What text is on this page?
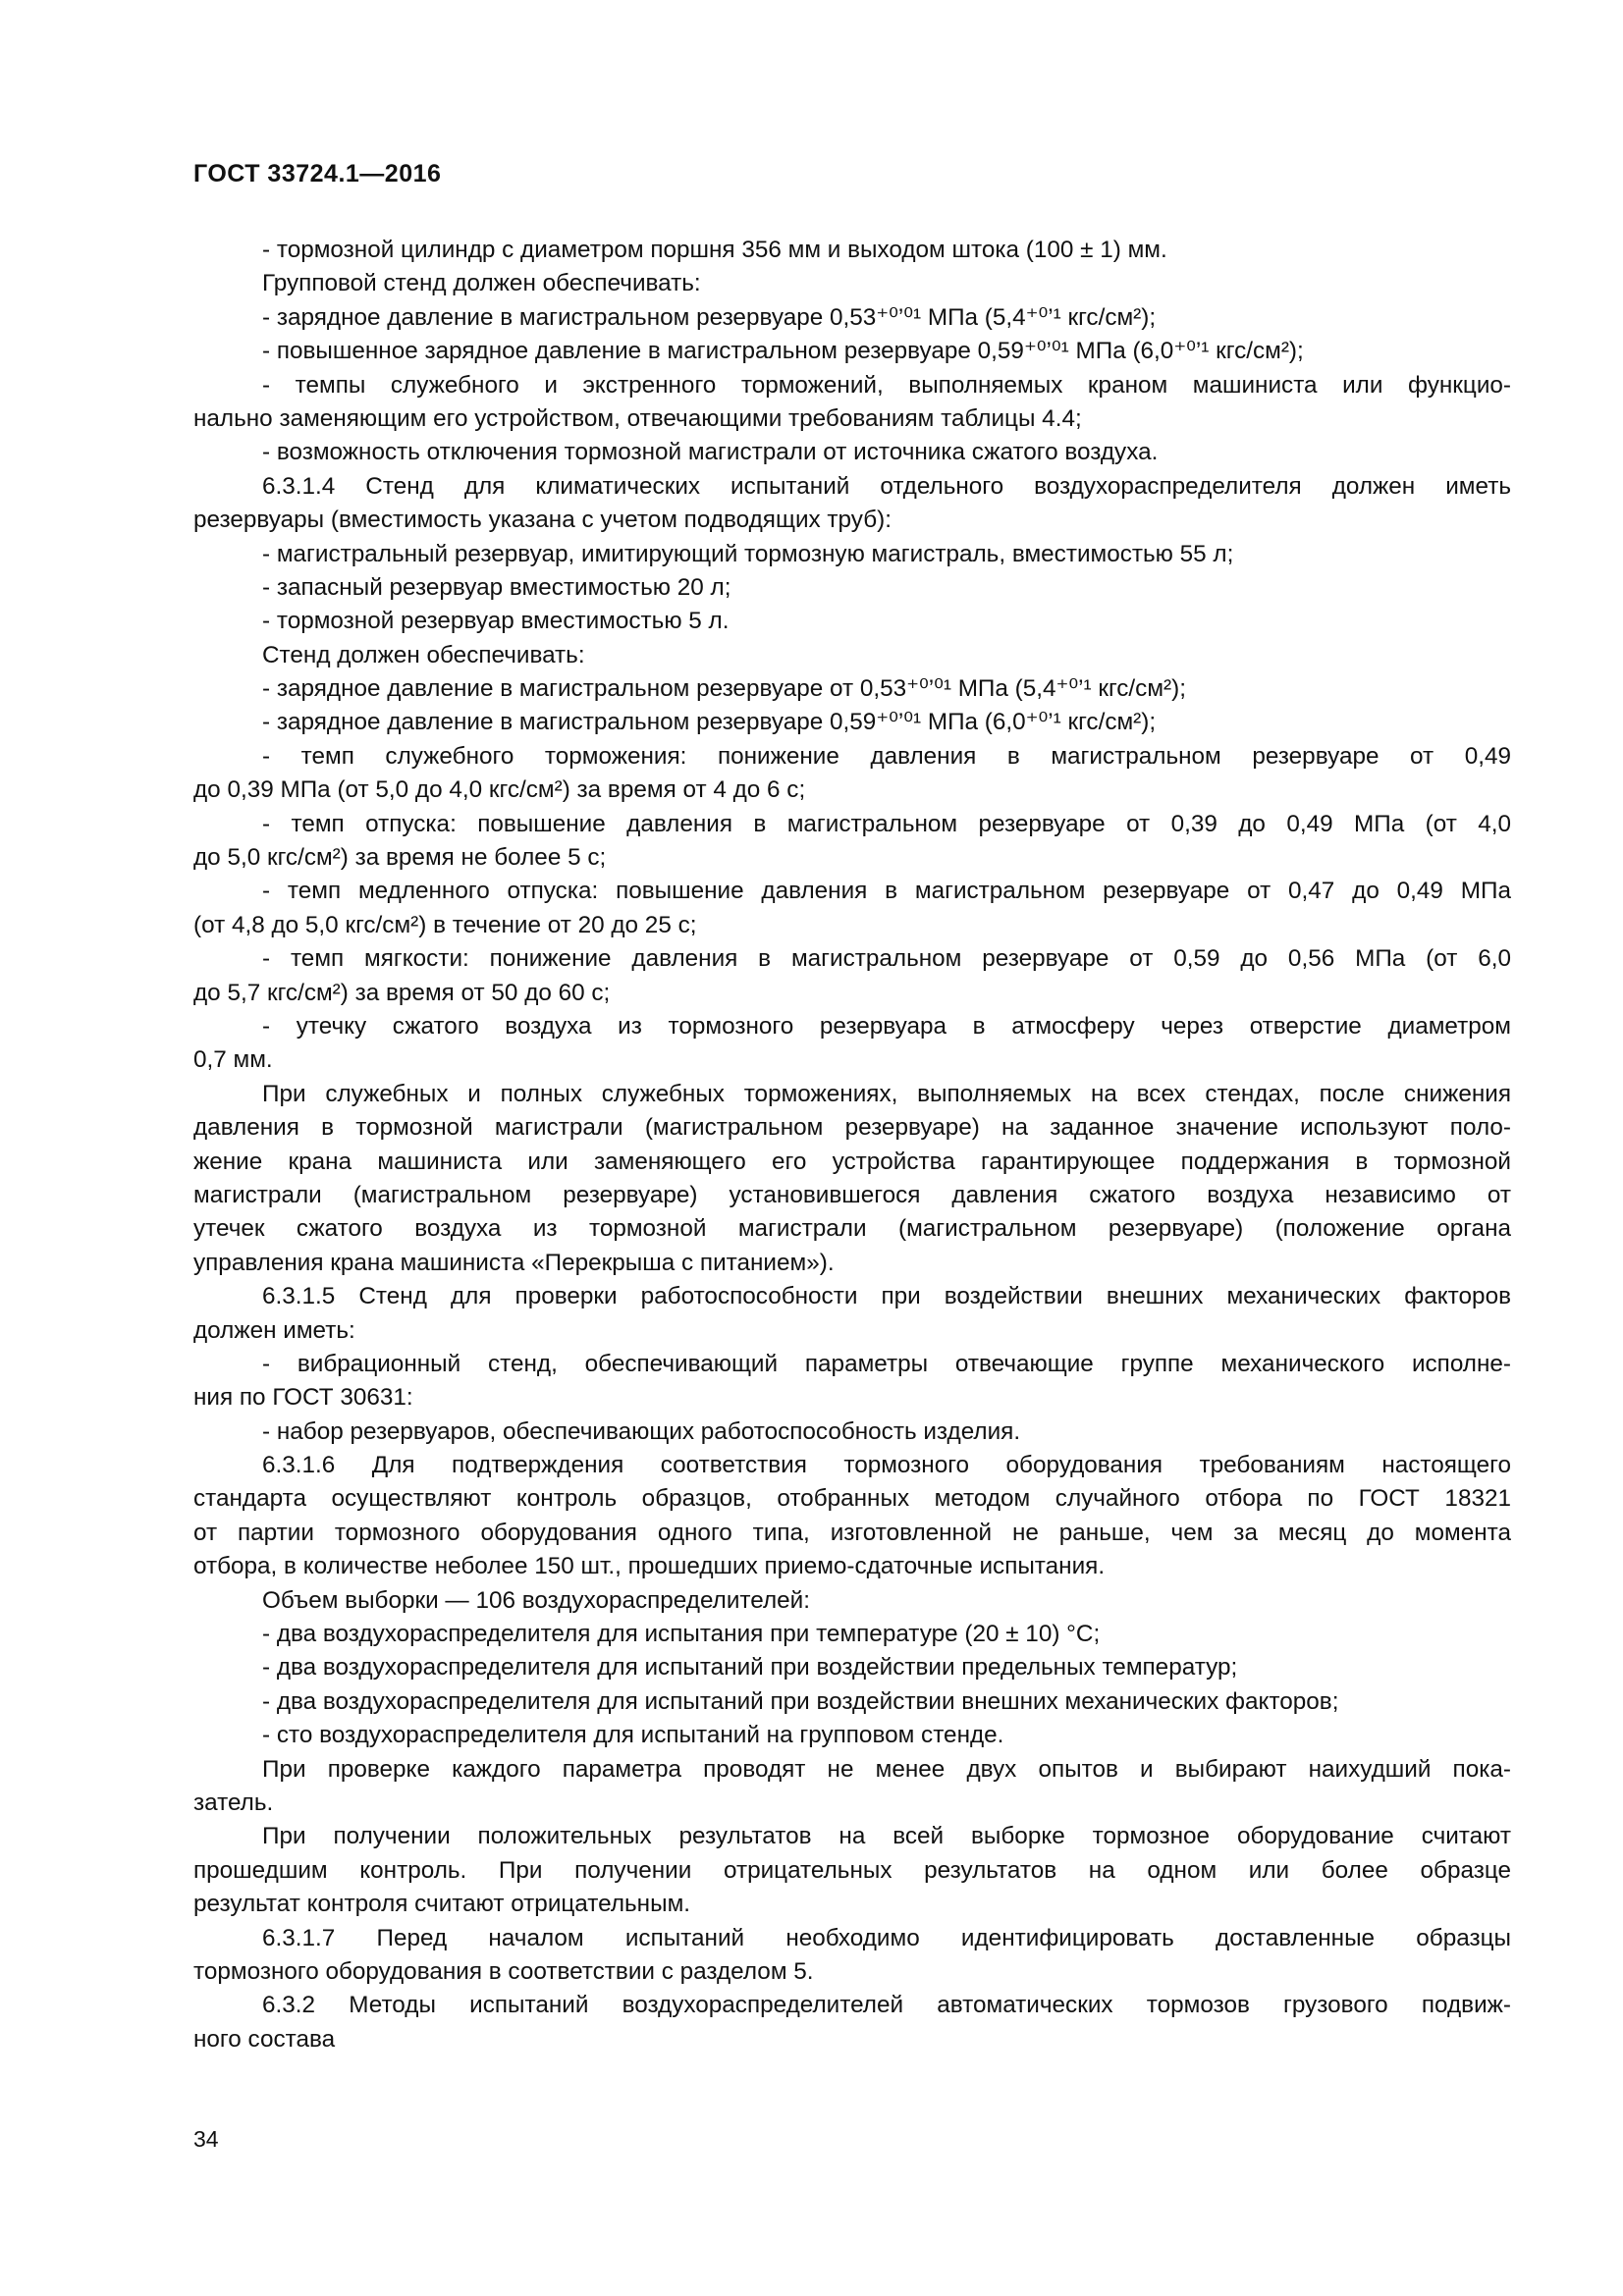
ГОСТ 33724.1—2016
- тормозной цилиндр с диаметром поршня 356 мм и выходом штока (100 ± 1) мм.
Групповой стенд должен обеспечивать:
- зарядное давление в магистральном резервуаре 0,53⁺⁰’⁰¹ МПа (5,4⁺⁰’¹ кгс/см²);
- повышенное зарядное давление в магистральном резервуаре 0,59⁺⁰’⁰¹ МПа (6,0⁺⁰’¹ кгс/см²);
- темпы служебного и экстренного торможений, выполняемых краном машиниста или функцио-
нально заменяющим его устройством, отвечающими требованиям таблицы 4.4;
- возможность отключения тормозной магистрали от источника сжатого воздуха.
6.3.1.4 Стенд для климатических испытаний отдельного воздухораспределителя должен иметь
резервуары (вместимость указана с учетом подводящих труб):
- магистральный резервуар, имитирующий тормозную магистраль, вместимостью 55 л;
- запасный резервуар вместимостью 20 л;
- тормозной резервуар вместимостью 5 л.
Стенд должен обеспечивать:
- зарядное давление в магистральном резервуаре от 0,53⁺⁰’⁰¹ МПа (5,4⁺⁰’¹ кгс/см²);
- зарядное давление в магистральном резервуаре 0,59⁺⁰’⁰¹ МПа (6,0⁺⁰’¹ кгс/см²);
- темп служебного торможения: понижение давления в магистральном резервуаре от 0,49
до 0,39 МПа (от 5,0 до 4,0 кгс/см²) за время от 4 до 6 с;
- темп отпуска: повышение давления в магистральном резервуаре от 0,39 до 0,49 МПа (от 4,0
до 5,0 кгс/см²) за время не более 5 с;
- темп медленного отпуска: повышение давления в магистральном резервуаре от 0,47 до 0,49 МПа
(от 4,8 до 5,0 кгс/см²) в течение от 20 до 25 с;
- темп мягкости: понижение давления в магистральном резервуаре от 0,59 до 0,56 МПа (от 6,0
до 5,7 кгс/см²) за время от 50 до 60 с;
- утечку сжатого воздуха из тормозного резервуара в атмосферу через отверстие диаметром
0,7 мм.
При служебных и полных служебных торможениях, выполняемых на всех стендах, после снижения
давления в тормозной магистрали (магистральном резервуаре) на заданное значение используют поло-
жение крана машиниста или заменяющего его устройства гарантирующее поддержания в тормозной
магистрали (магистральном резервуаре) установившегося давления сжатого воздуха независимо от
утечек сжатого воздуха из тормозной магистрали (магистральном резервуаре) (положение органа
управления крана машиниста «Перекрыша с питанием»).
6.3.1.5 Стенд для проверки работоспособности при воздействии внешних механических факторов
должен иметь:
- вибрационный стенд, обеспечивающий параметры отвечающие группе механического исполне-
ния по ГОСТ 30631:
- набор резервуаров, обеспечивающих работоспособность изделия.
6.3.1.6 Для подтверждения соответствия тормозного оборудования требованиям настоящего
стандарта осуществляют контроль образцов, отобранных методом случайного отбора по ГОСТ 18321
от партии тормозного оборудования одного типа, изготовленной не раньше, чем за месяц до момента
отбора, в количестве неболее 150 шт., прошедших приемо-сдаточные испытания.
Объем выборки — 106 воздухораспределителей:
- два воздухораспределителя для испытания при температуре (20 ± 10) °С;
- два воздухораспределителя для испытаний при воздействии предельных температур;
- два воздухораспределителя для испытаний при воздействии внешних механических факторов;
- сто воздухораспределителя для испытаний на групповом стенде.
При проверке каждого параметра проводят не менее двух опытов и выбирают наихудший пока-
затель.
При получении положительных результатов на всей выборке тормозное оборудование считают
прошедшим контроль. При получении отрицательных результатов на одном или более образце
результат контроля считают отрицательным.
6.3.1.7 Перед началом испытаний необходимо идентифицировать доставленные образцы
тормозного оборудования в соответствии с разделом 5.
6.3.2 Методы испытаний воздухораспределителей автоматических тормозов грузового подвиж-
ного состава
34
